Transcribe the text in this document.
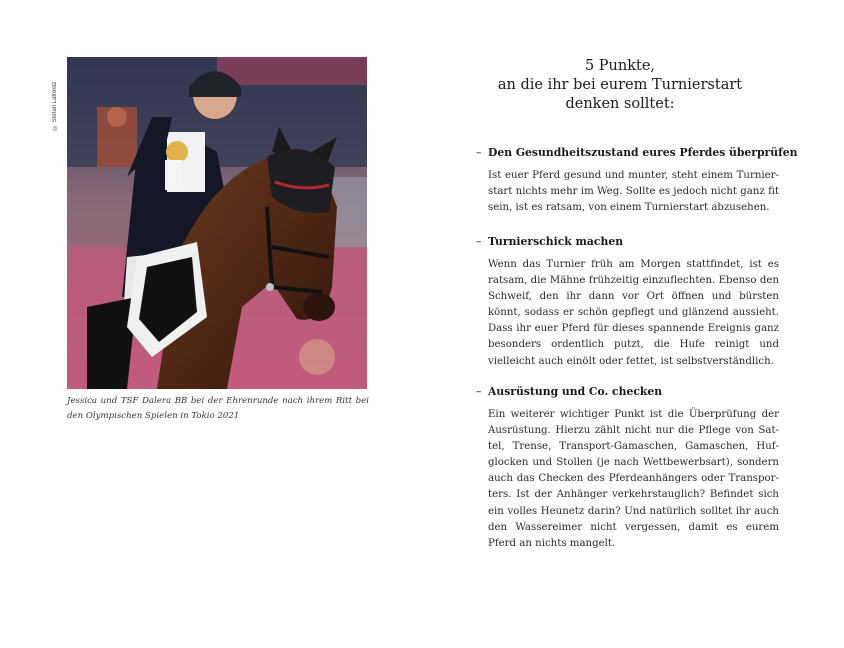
© Stefan Lafrentz
Jessica und TSF Dalera BB bei der Ehrenrunde nach ihrem Ritt bei den Olympischen Spielen in Tokio 2021
5 Punkte,
an die ihr bei eurem Turnierstart
denken solltet:
– Den Gesundheitszustand eures Pferdes überprüfen
Ist euer Pferd gesund und munter, steht einem Turnierstart nichts mehr im Weg. Sollte es jedoch nicht ganz fit sein, ist es ratsam, von einem Turnierstart abzusehen.
– Turnierschick machen
Wenn das Turnier früh am Morgen stattfindet, ist es ratsam, die Mähne frühzeitig einzuflechten. Ebenso den Schweif, den ihr dann vor Ort öffnen und bürsten könnt, sodass er schön gepflegt und glänzend aussieht. Dass ihr euer Pferd für dieses spannende Ereignis ganz besonders ordentlich putzt, die Hufe reinigt und vielleicht auch einölt oder fettet, ist selbstverständlich.
– Ausrüstung und Co. checken
Ein weiterer wichtiger Punkt ist die Überprüfung der Ausrüstung. Hierzu zählt nicht nur die Pflege von Sattel, Trense, Transport-Gamaschen, Gamaschen, Hufglocken und Stollen (je nach Wettbewerbsart), sondern auch das Checken des Pferdeanhängers oder Transporters. Ist der Anhänger verkehrstauglich? Befindet sich ein volles Heunetz darin? Und natürlich solltet ihr auch den Wassereimer nicht vergessen, damit es eurem Pferd an nichts mangelt.
